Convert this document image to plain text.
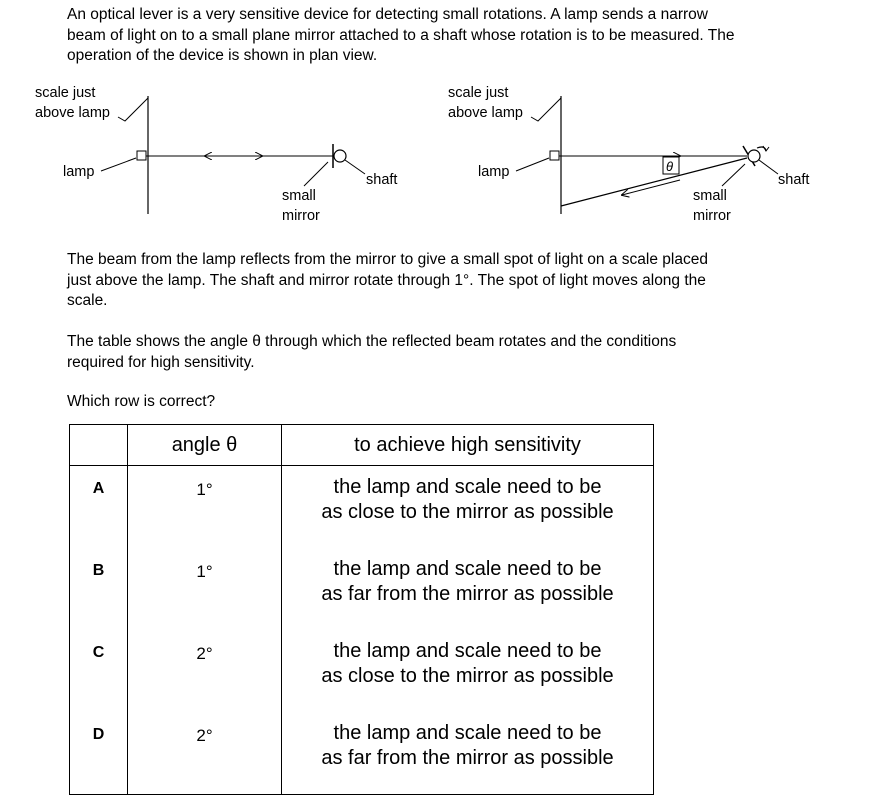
An optical lever is a very sensitive device for detecting small rotations. A lamp sends a narrow
beam of light on to a small plane mirror attached to a shaft whose rotation is to be measured. The
operation of the device is shown in plan view.

scale just
above lamp
lamp	shaft
small
mirror
scale just
above lamp
lamp	θ
shaft
small
mirror

The beam from the lamp reflects from the mirror to give a small spot of light on a scale placed
just above the lamp. The shaft and mirror rotate through 1°. The spot of light moves along the
scale.

The table shows the angle θ through which the reflected beam rotates and the conditions
required for high sensitivity.

Which row is correct?

	angle θ	to achieve high sensitivity
A	1°	the lamp and scale need to be
as close to the mirror as possible

B	1°	the lamp and scale need to be
as far from the mirror as possible

C	2°	the lamp and scale need to be
as close to the mirror as possible

D	2°	the lamp and scale need to be
as far from the mirror as possible
